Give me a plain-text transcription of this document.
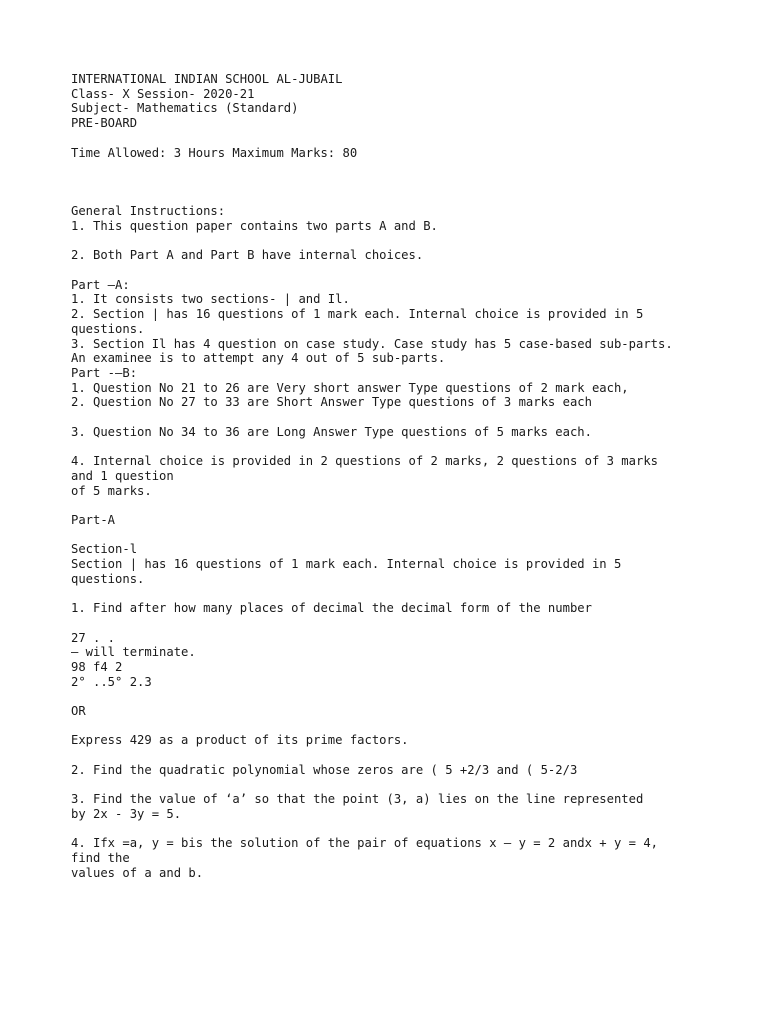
INTERNATIONAL INDIAN SCHOOL AL-JUBAIL
Class- X Session- 2020-21
Subject- Mathematics (Standard)
PRE-BOARD
Time Allowed: 3 Hours Maximum Marks: 80
General Instructions:
1. This question paper contains two parts A and B.
2. Both Part A and Part B have internal choices.
Part —A:
1. It consists two sections- | and Il.
2. Section | has 16 questions of 1 mark each. Internal choice is provided in 5
questions.
3. Section Il has 4 question on case study. Case study has 5 case-based sub-parts.
An examinee is to attempt any 4 out of 5 sub-parts.
Part -—B:
1. Question No 21 to 26 are Very short answer Type questions of 2 mark each,
2. Question No 27 to 33 are Short Answer Type questions of 3 marks each
3. Question No 34 to 36 are Long Answer Type questions of 5 marks each.
4. Internal choice is provided in 2 questions of 2 marks, 2 questions of 3 marks
and 1 question
of 5 marks.
Part-A
Section-l
Section | has 16 questions of 1 mark each. Internal choice is provided in 5
questions.
1. Find after how many places of decimal the decimal form of the number
27 . .
— will terminate.
98 f4 2
2° ..5° 2.3
OR
Express 429 as a product of its prime factors.
2. Find the quadratic polynomial whose zeros are ( 5 +2/3 and ( 5-2/3
3. Find the value of ‘a’ so that the point (3, a) lies on the line represented
by 2x - 3y = 5.
4. Ifx =a, y = bis the solution of the pair of equations x — y = 2 andx + y = 4,
find the
values of a and b.
